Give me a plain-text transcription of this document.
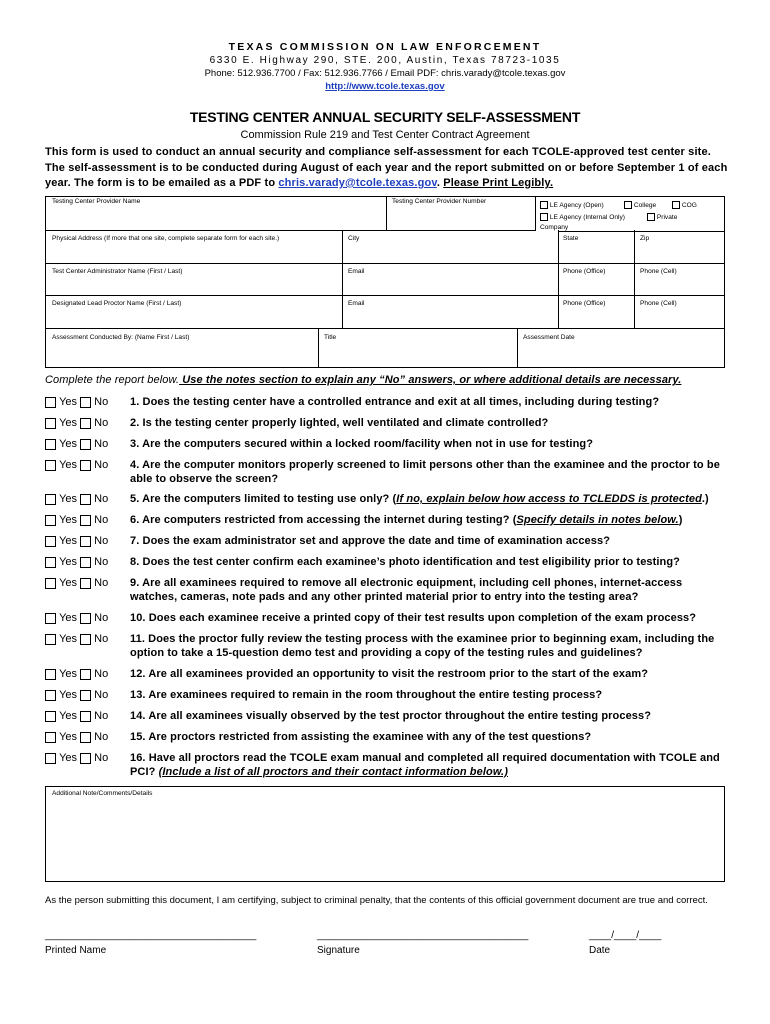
TEXAS COMMISSION ON LAW ENFORCEMENT
6330 E. Highway 290, STE. 200, Austin, Texas 78723-1035
Phone: 512.936.7700 / Fax: 512.936.7766 / Email PDF: chris.varady@tcole.texas.gov
http://www.tcole.texas.gov
TESTING CENTER ANNUAL SECURITY SELF-ASSESSMENT
Commission Rule 219 and Test Center Contract Agreement
This form is used to conduct an annual security and compliance self-assessment for each TCOLE-approved test center site. The self-assessment is to be conducted during August of each year and the report submitted on or before September 1 of each year. The form is to be emailed as a PDF to chris.varady@tcole.texas.gov. Please Print Legibly.
Testing Center Provider Name	Testing Center Provider Number
LE Agency (Open)	College	COG
LE Agency (Internal Only)	Private
Company
Physical Address (If more that one site, complete separate form for each site.)	City	State	Zip
Test Center Administrator Name (First / Last)	Email	Phone (Office)	Phone (Cell)
Designated Lead Proctor Name (First / Last)	Email	Phone (Office)	Phone (Cell)
Assessment Conducted By: (Name First / Last)	Title	Assessment Date
Complete the report below. Use the notes section to explain any “No” answers, or where additional details are necessary.
Yes No 1. Does the testing center have a controlled entrance and exit at all times, including during testing?
Yes No 2. Is the testing center properly lighted, well ventilated and climate controlled?
Yes No 3. Are the computers secured within a locked room/facility when not in use for testing?
Yes No 4. Are the computer monitors properly screened to limit persons other than the examinee and the proctor to be able to observe the screen?
Yes No 5. Are the computers limited to testing use only? (If no, explain below how access to TCLEDDS is protected.)
Yes No 6. Are computers restricted from accessing the internet during testing? (Specify details in notes below.)
Yes No 7. Does the exam administrator set and approve the date and time of examination access?
Yes No 8. Does the test center confirm each examinee’s photo identification and test eligibility prior to testing?
Yes No 9. Are all examinees required to remove all electronic equipment, including cell phones, internet-access watches, cameras, note pads and any other printed material prior to entry into the testing area?
Yes No 10. Does each examinee receive a printed copy of their test results upon completion of the exam process?
Yes No 11. Does the proctor fully review the testing process with the examinee prior to beginning exam, including the option to take a 15-question demo test and providing a copy of the testing rules and guidelines?
Yes No 12. Are all examinees provided an opportunity to visit the restroom prior to the start of the exam?
Yes No 13. Are examinees required to remain in the room throughout the entire testing process?
Yes No 14. Are all examinees visually observed by the test proctor throughout the entire testing process?
Yes No 15. Are proctors restricted from assisting the examinee with any of the test questions?
Yes No 16. Have all proctors read the TCOLE exam manual and completed all required documentation with TCOLE and PCI? (Include a list of all proctors and their contact information below.)
Additional Note/Comments/Details
As the person submitting this document, I am certifying, subject to criminal penalty, that the contents of this official government document are true and correct.
______________________________________
Printed Name
______________________________________
Signature
____/____/____
Date
